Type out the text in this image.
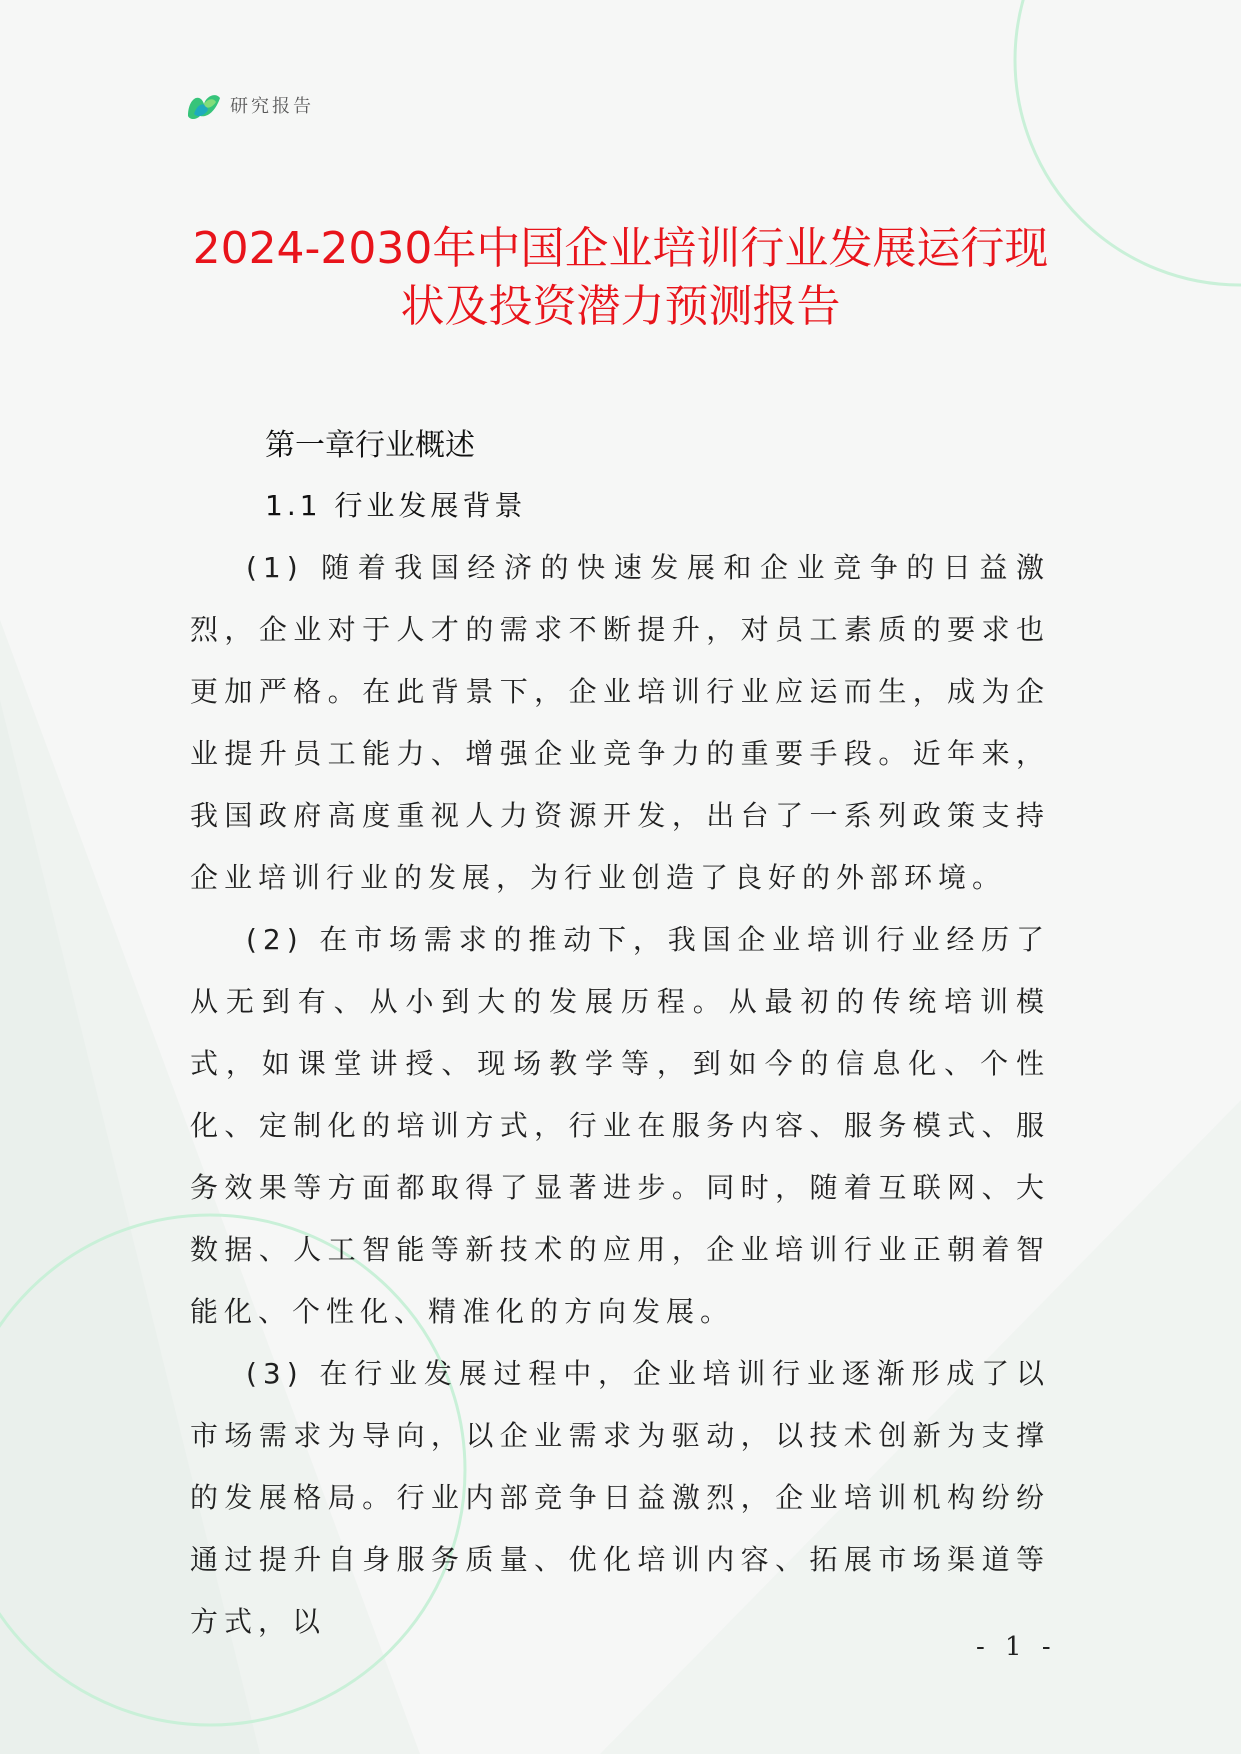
研究报告
2024-2030年中国企业培训行业发展运行现
状及投资潜力预测报告
第一章行业概述
1.1 行业发展背景

(1) 随着我国经济的快速发展和企业竞争的日益激烈，企业对于人才的需求不断提升，对员工素质的要求也更加严格。在此背景下，企业培训行业应运而生，成为企业提升员工能力、增强企业竞争力的重要手段。近年来，我国政府高度重视人力资源开发，出台了一系列政策支持企业培训行业的发展，为行业创造了良好的外部环境。

(2) 在市场需求的推动下，我国企业培训行业经历了从无到有、从小到大的发展历程。从最初的传统培训模式，如课堂讲授、现场教学等，到如今的信息化、个性化、定制化的培训方式，行业在服务内容、服务模式、服务效果等方面都取得了显著进步。同时，随着互联网、大数据、人工智能等新技术的应用，企业培训行业正朝着智能化、个性化、精准化的方向发展。

(3) 在行业发展过程中，企业培训行业逐渐形成了以市场需求为导向，以企业需求为驱动，以技术创新为支撑的发展格局。行业内部竞争日益激烈，企业培训机构纷纷通过提升自身服务质量、优化培训内容、拓展市场渠道等方式，以

- 1 -
